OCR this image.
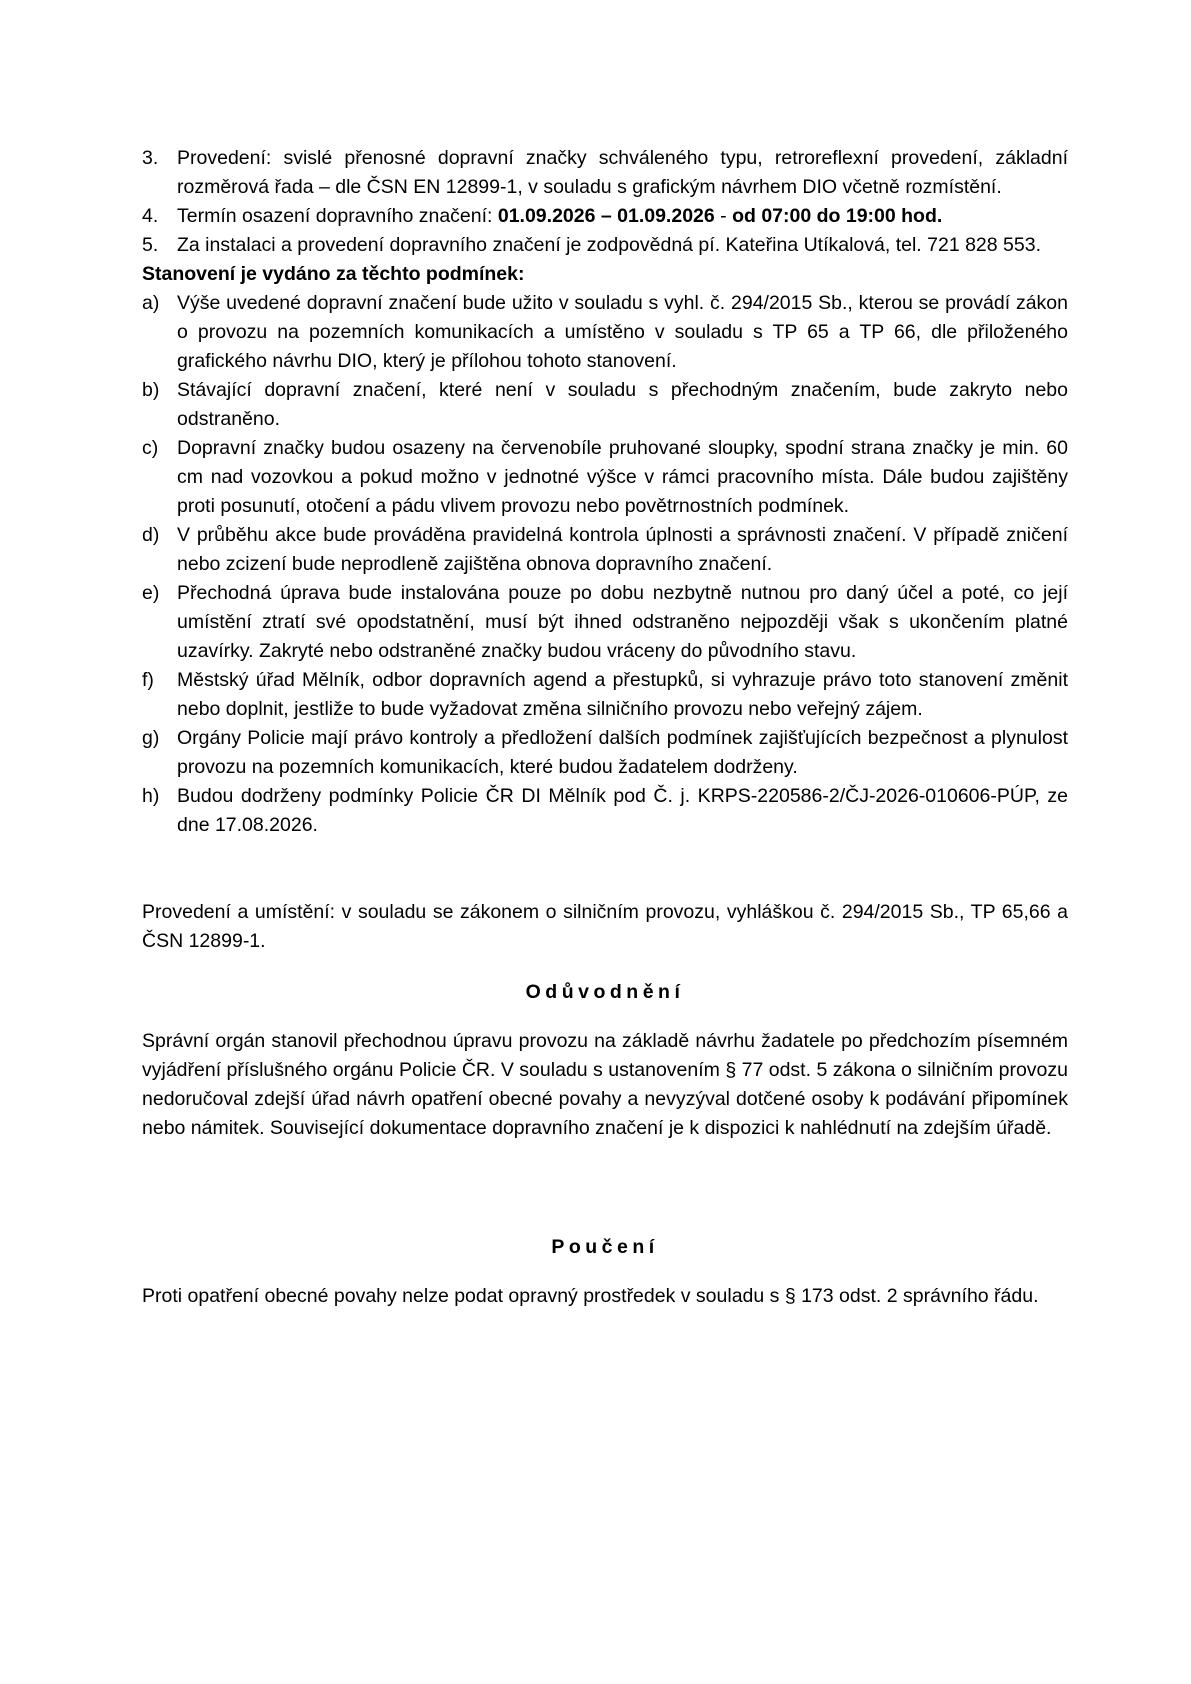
3. Provedení: svislé přenosné dopravní značky schváleného typu, retroreflexní provedení, základní rozměrová řada – dle ČSN EN 12899-1, v souladu s grafickým návrhem DIO včetně rozmístění.
4. Termín osazení dopravního značení: 01.09.2026 – 01.09.2026 - od 07:00 do 19:00 hod.
5. Za instalaci a provedení dopravního značení je zodpovědná pí. Kateřina Utíkalová, tel. 721 828 553.

Stanovení je vydáno za těchto podmínek:

a) Výše uvedené dopravní značení bude užito v souladu s vyhl. č. 294/2015 Sb., kterou se provádí zákon o provozu na pozemních komunikacích a umístěno v souladu s TP 65 a TP 66, dle přiloženého grafického návrhu DIO, který je přílohou tohoto stanovení.
b) Stávající dopravní značení, které není v souladu s přechodným značením, bude zakryto nebo odstraněno.
c) Dopravní značky budou osazeny na červenobíle pruhované sloupky, spodní strana značky je min. 60 cm nad vozovkou a pokud možno v jednotné výšce v rámci pracovního místa. Dále budou zajištěny proti posunutí, otočení a pádu vlivem provozu nebo povětrnostních podmínek.
d) V průběhu akce bude prováděna pravidelná kontrola úplnosti a správnosti značení. V případě zničení nebo zcizení bude neprodleně zajištěna obnova dopravního značení.
e) Přechodná úprava bude instalována pouze po dobu nezbytně nutnou pro daný účel a poté, co její umístění ztratí své opodstatnění, musí být ihned odstraněno nejpozději však s ukončením platné uzavírky. Zakryté nebo odstraněné značky budou vráceny do původního stavu.
f)	Městský úřad Mělník, odbor dopravních agend a přestupků, si vyhrazuje právo toto stanovení změnit nebo doplnit, jestliže to bude vyžadovat změna silničního provozu nebo veřejný zájem.
g) Orgány Policie mají právo kontroly a předložení dalších podmínek zajišťujících bezpečnost a plynulost provozu na pozemních komunikacích, které budou žadatelem dodrženy.
h) Budou dodrženy podmínky Policie ČR DI Mělník pod Č. j. KRPS-220586-2/ČJ-2026-010606-PÚP, ze dne 17.08.2026.

Provedení a umístění: v souladu se zákonem o silničním provozu, vyhláškou č. 294/2015 Sb., TP 65,66 a ČSN 12899-1.

Odůvodnění

Správní orgán stanovil přechodnou úpravu provozu na základě návrhu žadatele po předchozím písemném vyjádření příslušného orgánu Policie ČR. V souladu s ustanovením § 77 odst. 5 zákona o silničním provozu nedoručoval zdejší úřad návrh opatření obecné povahy a nevyzýval dotčené osoby k podávání připomínek nebo námitek. Související dokumentace dopravního značení je k dispozici k nahlédnutí na zdejším úřadě.

Poučení

Proti opatření obecné povahy nelze podat opravný prostředek v souladu s § 173 odst. 2 správního řádu.
